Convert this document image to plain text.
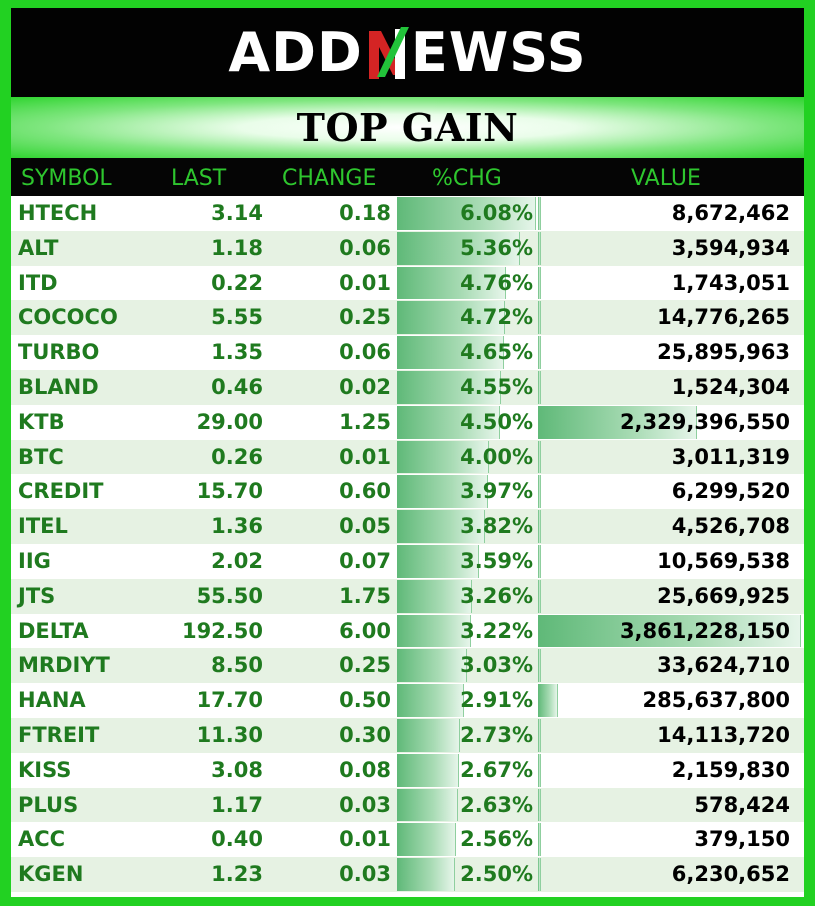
ADD EWSS
TOP GAIN
SYMBOL	LAST	CHANGE	%CHG	VALUE
HTECH	3.14	0.18	6.08%	8,672,462
ALT	1.18	0.06	5.36%	3,594,934
ITD	0.22	0.01	4.76%	1,743,051
COCOCO	5.55	0.25	4.72%	14,776,265
TURBO	1.35	0.06	4.65%	25,895,963
BLAND	0.46	0.02	4.55%	1,524,304
KTB	29.00	1.25	4.50%	2,329,396,550
BTC	0.26	0.01	4.00%	3,011,319
CREDIT	15.70	0.60	3.97%	6,299,520
ITEL	1.36	0.05	3.82%	4,526,708
IIG	2.02	0.07	3.59%	10,569,538
JTS	55.50	1.75	3.26%	25,669,925
DELTA	192.50	6.00	3.22%	3,861,228,150
MRDIYT	8.50	0.25	3.03%	33,624,710
HANA	17.70	0.50	2.91%	285,637,800
FTREIT	11.30	0.30	2.73%	14,113,720
KISS	3.08	0.08	2.67%	2,159,830
PLUS	1.17	0.03	2.63%	578,424
ACC	0.40	0.01	2.56%	379,150
KGEN	1.23	0.03	2.50%	6,230,652
